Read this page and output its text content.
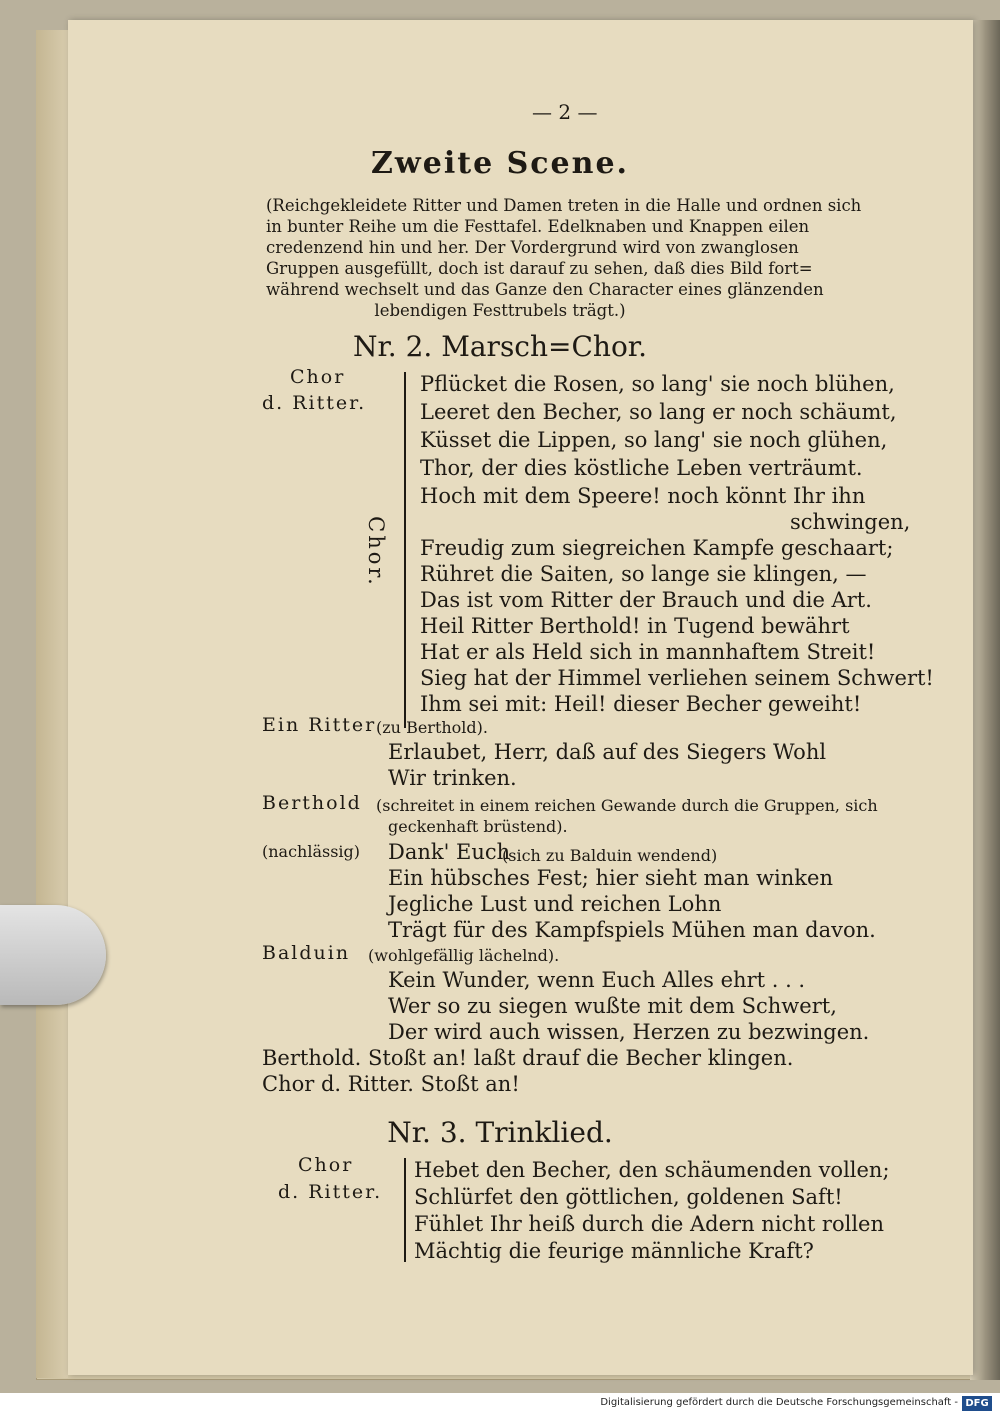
— 2 —
Zweite Scene.
(Reichgekleidete Ritter und Damen treten in die Halle und ordnen sich
in bunter Reihe um die Festtafel. Edelknaben und Knappen eilen
credenzend hin und her. Der Vordergrund wird von zwanglosen
Gruppen ausgefüllt, doch ist darauf zu sehen, daß dies Bild fort=
während wechselt und das Ganze den Character eines glänzenden
lebendigen Festtrubels trägt.)
Nr. 2. Marsch=Chor.
Chor
d. Ritter.
Chor.
Pflücket die Rosen, so lang' sie noch blühen,
Leeret den Becher, so lang er noch schäumt,
Küsset die Lippen, so lang' sie noch glühen,
Thor, der dies köstliche Leben verträumt.
Hoch mit dem Speere! noch könnt Ihr ihn
schwingen,
Freudig zum siegreichen Kampfe geschaart;
Rühret die Saiten, so lange sie klingen, —
Das ist vom Ritter der Brauch und die Art.
Heil Ritter Berthold! in Tugend bewährt
Hat er als Held sich in mannhaftem Streit!
Sieg hat der Himmel verliehen seinem Schwert!
Ihm sei mit: Heil! dieser Becher geweiht!
Ein Ritter (zu Berthold).
Erlaubet, Herr, daß auf des Siegers Wohl
Wir trinken.
Berthold (schreitet in einem reichen Gewande durch die Gruppen, sich
geckenhaft brüstend).
(nachlässig) Dank' Euch
(sich zu Balduin wendend)
Ein hübsches Fest; hier sieht man winken
Jegliche Lust und reichen Lohn
Trägt für des Kampfspiels Mühen man davon.
Balduin (wohlgefällig lächelnd).
Kein Wunder, wenn Euch Alles ehrt . . .
Wer so zu siegen wußte mit dem Schwert,
Der wird auch wissen, Herzen zu bezwingen.
Berthold. Stoßt an! laßt drauf die Becher klingen.
Chor d. Ritter. Stoßt an!
Nr. 3. Trinklied.
Chor
d. Ritter.
Hebet den Becher, den schäumenden vollen;
Schlürfet den göttlichen, goldenen Saft!
Fühlet Ihr heiß durch die Adern nicht rollen
Mächtig die feurige männliche Kraft?
Digitalisierung gefördert durch die Deutsche Forschungsgemeinschaft - DFG
